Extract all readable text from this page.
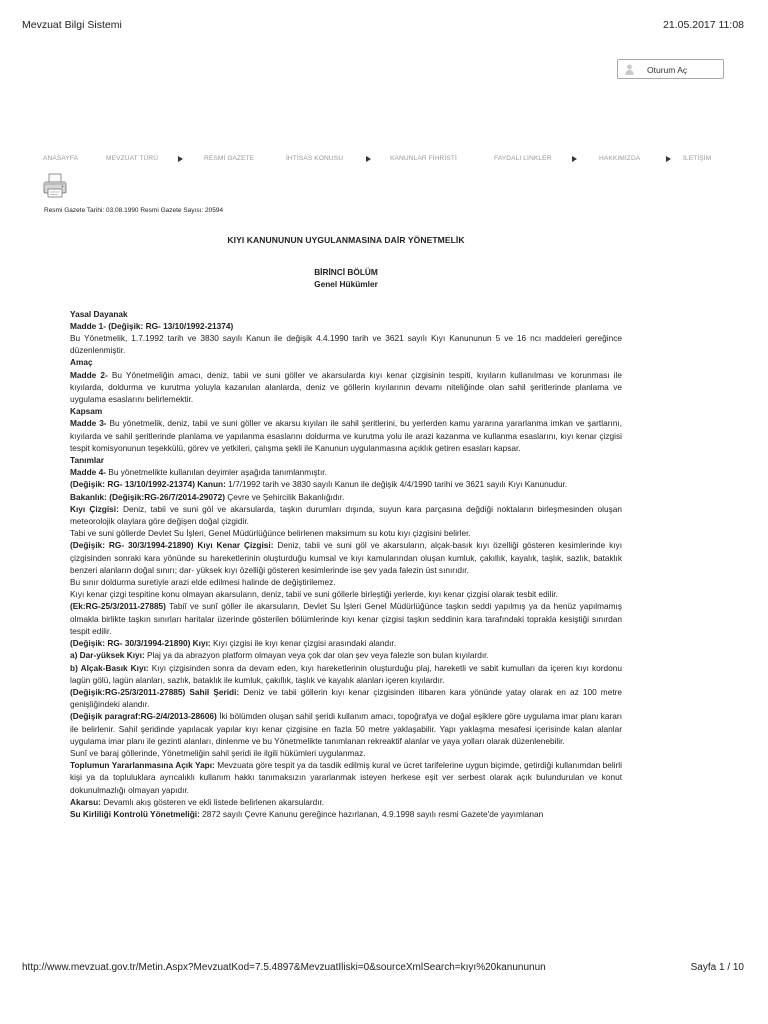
Mevzuat Bilgi Sistemi	21.05.2017 11:08
Oturum Aç
ANASAYFA	MEVZUAT TÜRÜ	RESMİ GAZETE	İHTİSAS KONUSU	KANUNLAR FİHRİSTİ	FAYDALI LİNKLER	HAKKIMIZDA	İLETİŞİM
Resmi Gazete Tarihi: 03.08.1990 Resmi Gazete Sayısı: 20594
KIYI KANUNUNUN UYGULANMASINA DAİR YÖNETMELİK
BİRİNCİ BÖLÜM
Genel Hükümler

Yasal Dayanak

Madde 1- (Değişik: RG- 13/10/1992-21374)

Bu Yönetmelik, 1.7.1992 tarih ve 3830 sayılı Kanun ile değişik 4.4.1990 tarih ve 3621 sayılı Kıyı Kanununun 5 ve 16 ncı maddeleri gereğince düzenlenmiştir.

Amaç

Madde 2- Bu Yönetmeliğin amacı, deniz, tabii ve suni göller ve akarsularda kıyı kenar çizgisinin tespiti, kıyıların kullanılması ve korunması ile kıyılarda, doldurma ve kurutma yoluyla kazanılan alanlarda, deniz ve göllerin kıyılarının devamı niteliğinde olan sahil şeritlerinde planlama ve uygulama esaslarını belirlemektir.

Kapsam

Madde 3- Bu yönetmelik, deniz, tabii ve suni göller ve akarsu kıyıları ile sahil şeritlerini, bu yerlerden kamu yararına yararlanma imkan ve şartlarını, kıyılarda ve sahil şeritlerinde planlama ve yapılanma esaslarını doldurma ve kurutma yolu ile arazi kazanma ve kullanma esaslarını, kıyı kenar çizgisi tespit komisyonunun teşekkülü, görev ve yetkileri, çalışma şekli ile Kanunun uygulanmasına açıklık getiren esasları kapsar.

Tanımlar

Madde 4- Bu yönetmelikte kullanılan deyimler aşağıda tanımlanmıştır.

(Değişik: RG- 13/10/1992-21374) Kanun: 1/7/1992 tarih ve 3830 sayılı Kanun ile değişik 4/4/1990 tarihi ve 3621 sayılı Kıyı Kanunudur.

Bakanlık: (Değişik:RG-26/7/2014-29072) Çevre ve Şehircilik Bakanlığıdır.

Kıyı Çizgisi: Deniz, tabii ve suni göl ve akarsularda, taşkın durumları dışında, suyun kara parçasına değdiği noktaların birleşmesinden oluşan meteorolojik olaylara göre değişen doğal çizgidir.

Tabi ve suni göllerde Devlet Su İşleri, Genel Müdürlüğünce belirlenen maksimum su kotu kıyı çizgisini belirler.

(Değişik: RG- 30/3/1994-21890) Kıyı Kenar Çizgisi: Deniz, tabii ve suni göl ve akarsuların, alçak-basık kıyı özelliği gösteren kesimlerinde kıyı çizgisinden sonraki kara yönünde su hareketlerinin oluşturduğu kumsal ve kıyı kamularından oluşan kumluk, çakıllık, kayalık, taşlık, sazlık, bataklık benzeri alanların doğal sınırı; dar- yüksek kıyı özelliği gösteren kesimlerinde ise şev yada falezin üst sınırıdır.

Bu sınır doldurma suretiyle arazi elde edilmesi halinde de değiştirilemez.

Kıyı kenar çizgi tespitine konu olmayan akarsuların, deniz, tabii ve suni göllerle birleştiği yerlerde, kıyı kenar çizgisi olarak tesbit edilir.

(Ek:RG-25/3/2011-27885) Tabiî ve sunî göller ile akarsuların, Devlet Su İşleri Genel Müdürlüğünce taşkın seddi yapılmış ya da henüz yapılmamış olmakla birlikte taşkın sınırları haritalar üzerinde gösterilen bölümlerinde kıyı kenar çizgisi taşkın seddinin kara tarafındaki toprakla kesiştiği sınırdan tespit edilir.

(Değişik: RG- 30/3/1994-21890) Kıyı: Kıyı çizgisi ile kıyı kenar çizgisi arasındaki alandır.

a) Dar-yüksek Kıyı: Plaj ya da abrazyon platform olmayan veya çok dar olan şev veya falezle son bulan kıyılardır.

b) Alçak-Basık Kıyı: Kıyı çizgisinden sonra da devam eden, kıyı hareketlerinin oluşturduğu plaj, hareketli ve sabit kumulları da içeren kıyı kordonu lagün gölü, lagün alanları, sazlık, bataklık ile kumluk, çakıllık, taşlık ve kayalık alanları içeren kıyılardır.

(Değişik:RG-25/3/2011-27885) Sahil Şeridi: Deniz ve tabii göllerin kıyı kenar çizgisinden itibaren kara yönünde yatay olarak en az 100 metre genişliğindeki alandır.

(Değişik paragraf:RG-2/4/2013-28606) İki bölümden oluşan sahil şeridi kullanım amacı, topoğrafya ve doğal eşiklere göre uygulama imar planı kararı ile belirlenir. Sahil şeridinde yapılacak yapılar kıyı kenar çizgisine en fazla 50 metre yaklaşabilir. Yapı yaklaşma mesafesi içerisinde kalan alanlar uygulama imar planı ile gezinti alanları, dinlenme ve bu Yönetmelikte tanımlanan rekreaktif alanlar ve yaya yolları olarak düzenlenebilir.

Sunî ve baraj göllerinde, Yönetmeliğin sahil şeridi ile ilgili hükümleri uygulanmaz.

Toplumun Yararlanmasına Açık Yapı: Mevzuata göre tespit ya da tasdik edilmiş kural ve ücret tarifelerine uygun biçimde, getirdiği kullanımdan belirli kişi ya da topluluklara ayrıcalıklı kullanım hakkı tanımaksızın yararlanmak isteyen herkese eşit ver serbest olarak açık bulundurulan ve konut dokunulmazlığı olmayan yapıdır.

Akarsu: Devamlı akış gösteren ve ekli listede belirlenen akarsulardır.

Su Kirliliği Kontrolü Yönetmeliği: 2872 sayılı Çevre Kanunu gereğince hazırlanan, 4.9.1998 sayılı resmi Gazete'de yayımlanan

http://www.mevzuat.gov.tr/Metin.Aspx?MevzuatKod=7.5.4897&MevzuatIliski=0&sourceXmlSearch=kıyı%20kanununun	Sayfa 1 / 10
